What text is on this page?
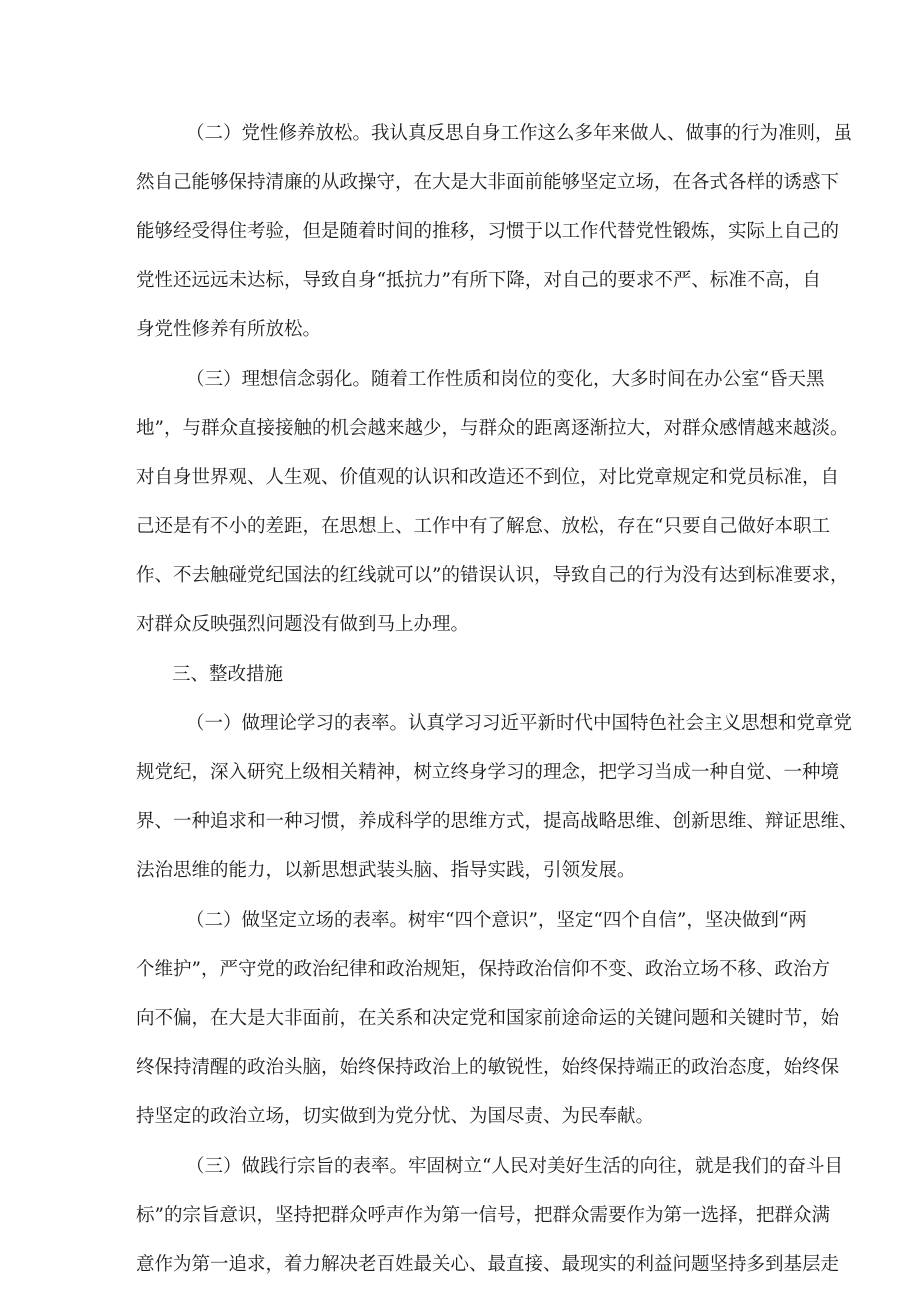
（二）党性修养放松。我认真反思自身工作这么多年来做人、做事的行为准则，虽
然自己能够保持清廉的从政操守，在大是大非面前能够坚定立场，在各式各样的诱惑下
能够经受得住考验，但是随着时间的推移，习惯于以工作代替党性锻炼，实际上自己的
党性还远远未达标，导致自身“抵抗力”有所下降，对自己的要求不严、标准不高，自
身党性修养有所放松。
（三）理想信念弱化。随着工作性质和岗位的变化，大多时间在办公室“昏天黑
地”，与群众直接接触的机会越来越少，与群众的距离逐渐拉大，对群众感情越来越淡。
对自身世界观、人生观、价值观的认识和改造还不到位，对比党章规定和党员标准，自
己还是有不小的差距，在思想上、工作中有了解怠、放松，存在“只要自己做好本职工
作、不去触碰党纪国法的红线就可以”的错误认识，导致自己的行为没有达到标准要求，
对群众反映强烈问题没有做到马上办理。
三、整改措施
（一）做理论学习的表率。认真学习习近平新时代中国特色社会主义思想和党章党
规党纪，深入研究上级相关精神，树立终身学习的理念，把学习当成一种自觉、一种境
界、一种追求和一种习惯，养成科学的思维方式，提高战略思维、创新思维、辩证思维、
法治思维的能力，以新思想武装头脑、指导实践，引领发展。
（二）做坚定立场的表率。树牢“四个意识”，坚定“四个自信”，坚决做到“两
个维护”，严守党的政治纪律和政治规矩，保持政治信仰不变、政治立场不移、政治方
向不偏，在大是大非面前，在关系和决定党和国家前途命运的关键问题和关键时节，始
终保持清醒的政治头脑，始终保持政治上的敏锐性，始终保持端正的政治态度，始终保
持坚定的政治立场，切实做到为党分忧、为国尽责、为民奉献。
（三）做践行宗旨的表率。牢固树立“人民对美好生活的向往，就是我们的奋斗目
标”的宗旨意识，坚持把群众呼声作为第一信号，把群众需要作为第一选择，把群众满
意作为第一追求，着力解决老百姓最关心、最直接、最现实的利益问题坚持多到基层走
